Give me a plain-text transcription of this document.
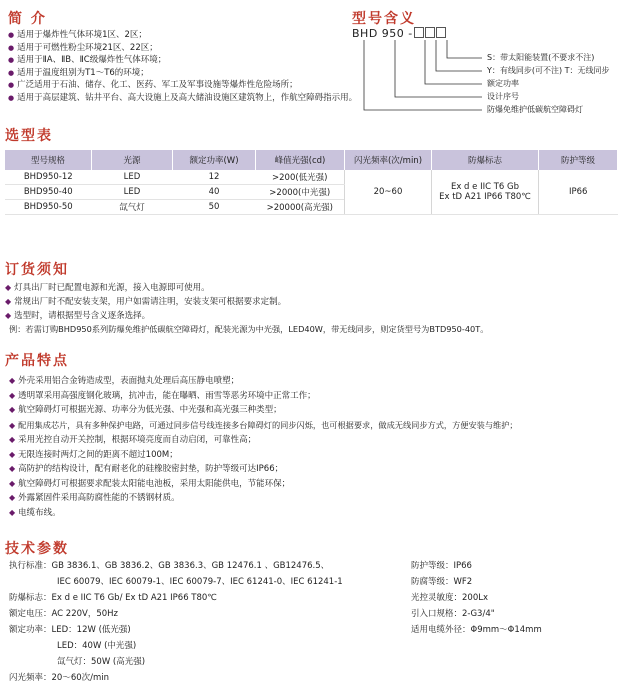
简 介
● 适用于爆炸性气体环境1区、2区；
● 适用于可燃性粉尘环境21区、22区；
● 适用于ⅡA、ⅡB、ⅡC级爆炸性气体环境；
● 适用于温度组别为T1～T6的环境；
● 广泛适用于石油、储存、化工、医药、军工及军事设施等爆炸性危险场所；
● 适用于高层建筑、钻井平台、高大设施上及高大储油设施区建筑物上，作航空障碍指示用。
型号含义
BHD 950 -
S：带太阳能装置(不要求不注)
Y：有线同步(可不注) T：无线同步
额定功率
设计序号
防爆免维护低碳航空障碍灯
选型表
型号规格	光源	额定功率(W)	峰值光强(cd)	闪光频率(次/min)	防爆标志	防护等级
BHD950-12	LED	12	>200(低光强)	20~60	Ex d e IIC T6 Gb
Ex tD A21 IP66 T80℃	IP66
BHD950-40	LED	40	>2000(中光强)			
BHD950-50	氙气灯	50	>20000(高光强)			
订货须知
◆ 灯具出厂时已配置电源和光源，接入电源即可使用。
◆ 常规出厂时不配安装支架，用户如需请注明，安装支架可根据要求定制。
◆ 选型时，请根据型号含义逐条选择。
例：若需订购BHD950系列防爆免维护低碳航空障碍灯，配装光源为中光强，LED40W，带无线同步，则定货型号为BTD950-40T。
产品特点
◆ 外壳采用铝合金铸造成型，表面抛丸处理后高压静电喷塑；
◆ 透明罩采用高强度钢化玻璃，抗冲击，能在曝晒、雨雪等恶劣环境中正常工作；
◆ 航空障碍灯可根据光源、功率分为低光强、中光强和高光强三种类型；
◆ 配用集成芯片，具有多种保护电路，可通过同步信号线连接多台障碍灯的同步闪烁，也可根据要求，做成无线同步方式，方便安装与维护；
◆ 采用光控自动开关控制，根据环境亮度而自动启闭，可靠性高；
◆ 无限连接时两灯之间的距离不超过100M；
◆ 高防护的结构设计，配有耐老化的硅橡胶密封垫，防护等级可达IP66；
◆ 航空障碍灯可根据要求配装太阳能电池板，采用太阳能供电，节能环保；
◆ 外露紧固件采用高防腐性能的不锈钢材质。
◆ 电缆布线。
技术参数
执行标准：GB 3836.1、GB 3836.2、GB 3836.3、GB 12476.1 、GB12476.5、
IEC 60079、IEC 60079-1、IEC 60079-7、IEC 61241-0、IEC 61241-1
防爆标志：Ex d e IIC T6 Gb/ Ex tD A21 IP66 T80℃
额定电压：AC 220V，50Hz
额定功率：LED：12W (低光强)
LED：40W (中光强)
氙气灯：50W (高光强)
闪光频率：20～60次/min
防护等级：IP66
防腐等级：WF2
光控灵敏度：200Lx
引入口规格：2-G3/4"
适用电缆外径：Φ9mm～Φ14mm
